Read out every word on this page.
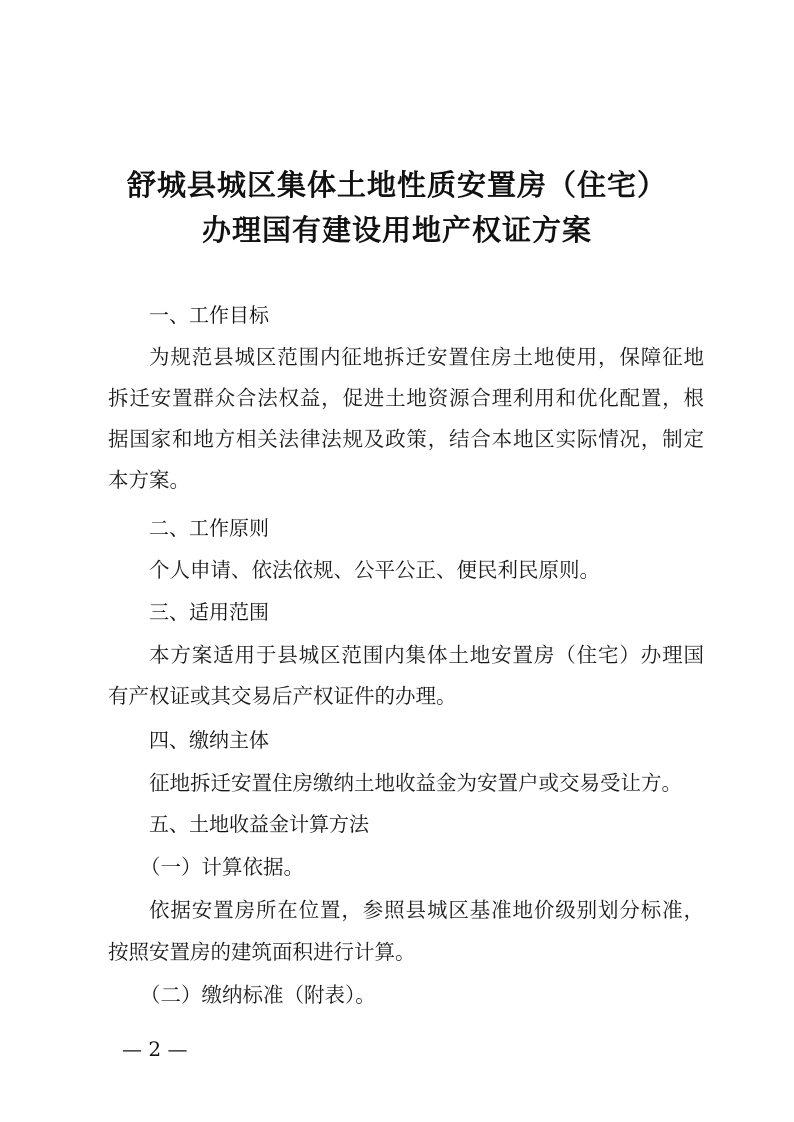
舒城县城区集体土地性质安置房（住宅）
办理国有建设用地产权证方案
一、工作目标
为规范县城区范围内征地拆迁安置住房土地使用，保障征地
拆迁安置群众合法权益，促进土地资源合理利用和优化配置，根
据国家和地方相关法律法规及政策，结合本地区实际情况，制定
本方案。
二、工作原则
个人申请、依法依规、公平公正、便民利民原则。
三、适用范围
本方案适用于县城区范围内集体土地安置房（住宅）办理国
有产权证或其交易后产权证件的办理。
四、缴纳主体
征地拆迁安置住房缴纳土地收益金为安置户或交易受让方。
五、土地收益金计算方法
（一）计算依据。
依据安置房所在位置，参照县城区基准地价级别划分标准，
按照安置房的建筑面积进行计算。
（二）缴纳标准（附表）。
— 2 —
